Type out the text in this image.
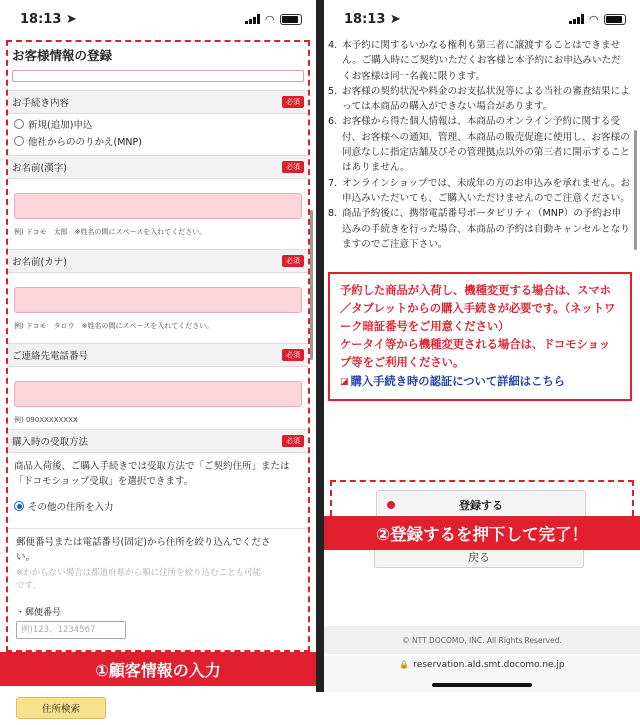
18:13 ➤	◠
お客様情報の登録
お手続き内容	必須
新規(追加)申込
他社からののりかえ(MNP)
お名前(漢字)	必須
例) ドコモ　太郎　※姓名の間にスペースを入れてください。
お名前(カナ)	必須
例) ドコモ　タロウ　※姓名の間にスペースを入れてください。
ご連絡先電話番号	必須
例) 090XXXXXXXX
購入時の受取方法	必須
商品入荷後、ご購入手続きでは受取方法で「ご契約住所」または
「ドコモショップ受取」を選択できます。
その他の住所を入力
郵便番号または電話番号(固定)から住所を絞り込んでくださ
い。
※わからない場合は都道府県から順に住所を絞り込むことも可能
です。
・郵便番号
例)123、1234567
住所検索
①顧客情報の入力
18:13 ➤	◠
4. 本予約に関するいかなる権利も第三者に譲渡することはできません。ご購入時にご契約いただくお客様と本予約にお申込みいただくお客様は同一名義に限ります。
5. お客様の契約状況や料金のお支払状況等による当社の審査結果によっては本商品の購入ができない場合があります。
6. お客様から得た個人情報は、本商品のオンライン予約に関する受付、お客様への通知、管理、本商品の販売促進に使用し、お客様の同意なしに指定店舗及びその管理拠点以外の第三者に開示することはありません。
7. オンラインショップでは、未成年の方のお申込みを承れません。お申込みいただいても、ご購入いただけませんのでご注意ください。
8. 商品予約後に、携帯電話番号ポータビリティ（MNP）の予約お申込みの手続きを行った場合、本商品の予約は自動キャンセルとなりますのでご注意下さい。
予約した商品が入荷し、機種変更する場合は、スマホ／タブレットからの購入手続きが必要です。（ネットワーク暗証番号をご用意ください）
ケータイ等から機種変更される場合は、ドコモショップ等をご利用ください。
◪ 購入手続き時の認証について詳細はこちら
登録する
戻る
②登録するを押下して完了！
© NTT DOCOMO, INC. All Rights Reserved.
🔒 reservation.ald.smt.docomo.ne.jp
